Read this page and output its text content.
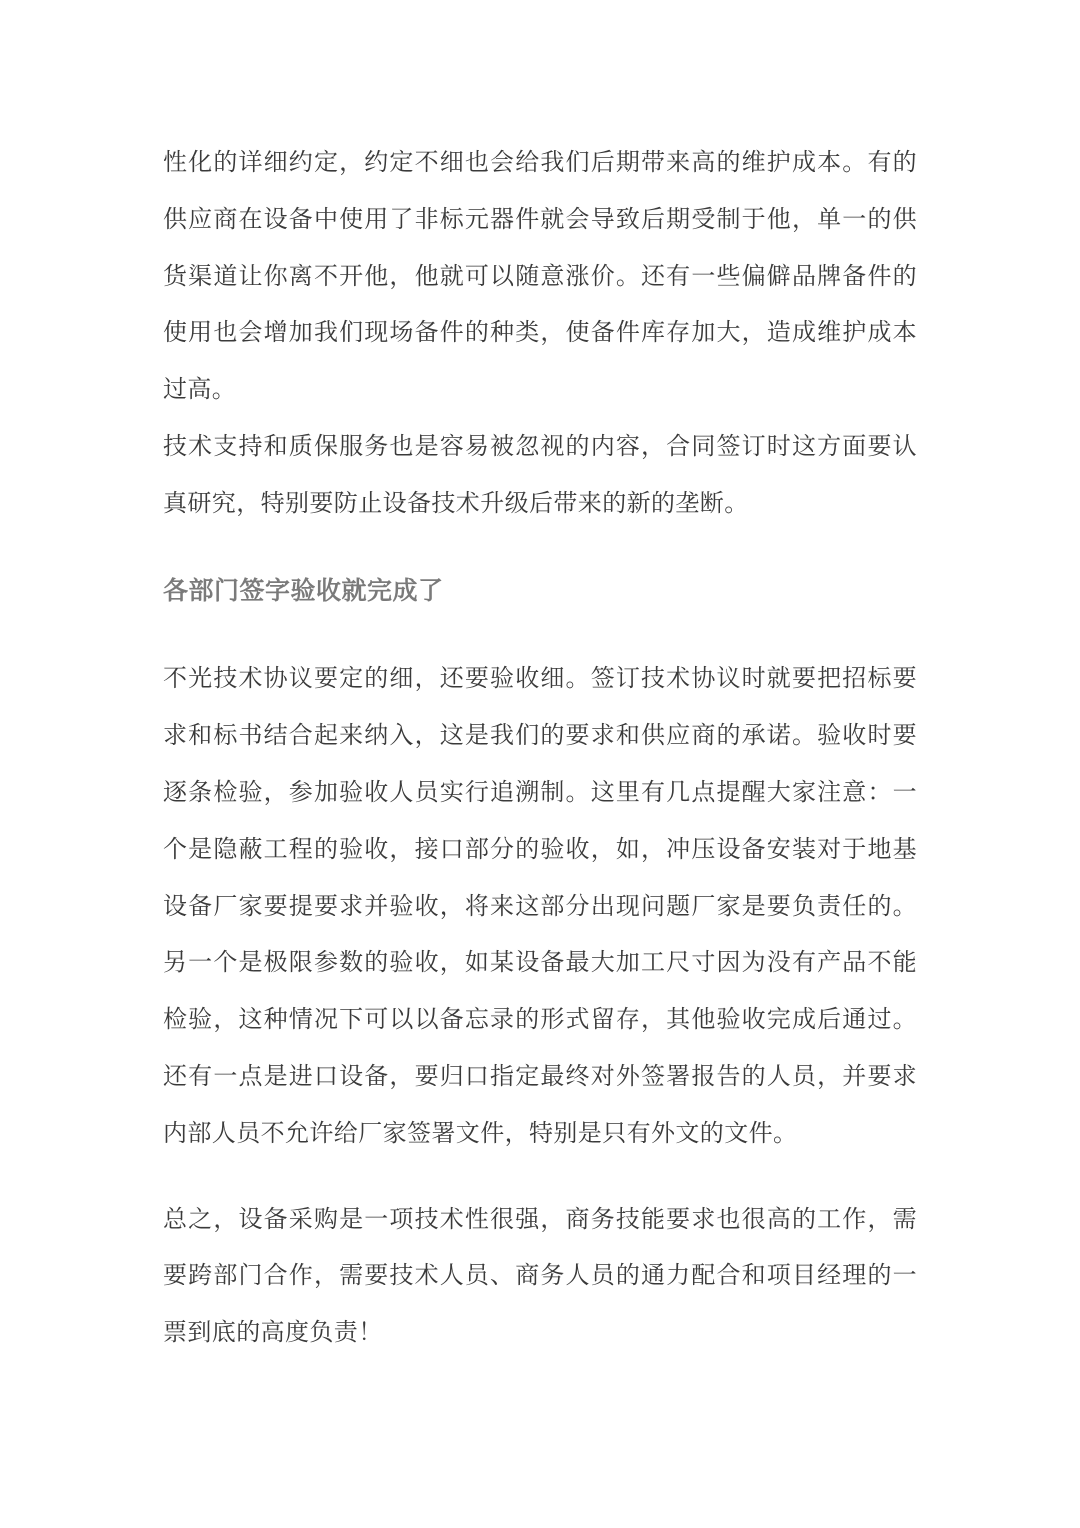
性化的详细约定，约定不细也会给我们后期带来高的维护成本。有的供应商在设备中使用了非标元器件就会导致后期受制于他，单一的供货渠道让你离不开他，他就可以随意涨价。还有一些偏僻品牌备件的使用也会增加我们现场备件的种类，使备件库存加大，造成维护成本过高。

技术支持和质保服务也是容易被忽视的内容，合同签订时这方面要认真研究，特别要防止设备技术升级后带来的新的垄断。

各部门签字验收就完成了

不光技术协议要定的细，还要验收细。签订技术协议时就要把招标要求和标书结合起来纳入，这是我们的要求和供应商的承诺。验收时要逐条检验，参加验收人员实行追溯制。这里有几点提醒大家注意：一个是隐蔽工程的验收，接口部分的验收，如，冲压设备安装对于地基设备厂家要提要求并验收，将来这部分出现问题厂家是要负责任的。另一个是极限参数的验收，如某设备最大加工尺寸因为没有产品不能检验，这种情况下可以以备忘录的形式留存，其他验收完成后通过。还有一点是进口设备，要归口指定最终对外签署报告的人员，并要求内部人员不允许给厂家签署文件，特别是只有外文的文件。

总之，设备采购是一项技术性很强，商务技能要求也很高的工作，需要跨部门合作，需要技术人员、商务人员的通力配合和项目经理的一票到底的高度负责！
